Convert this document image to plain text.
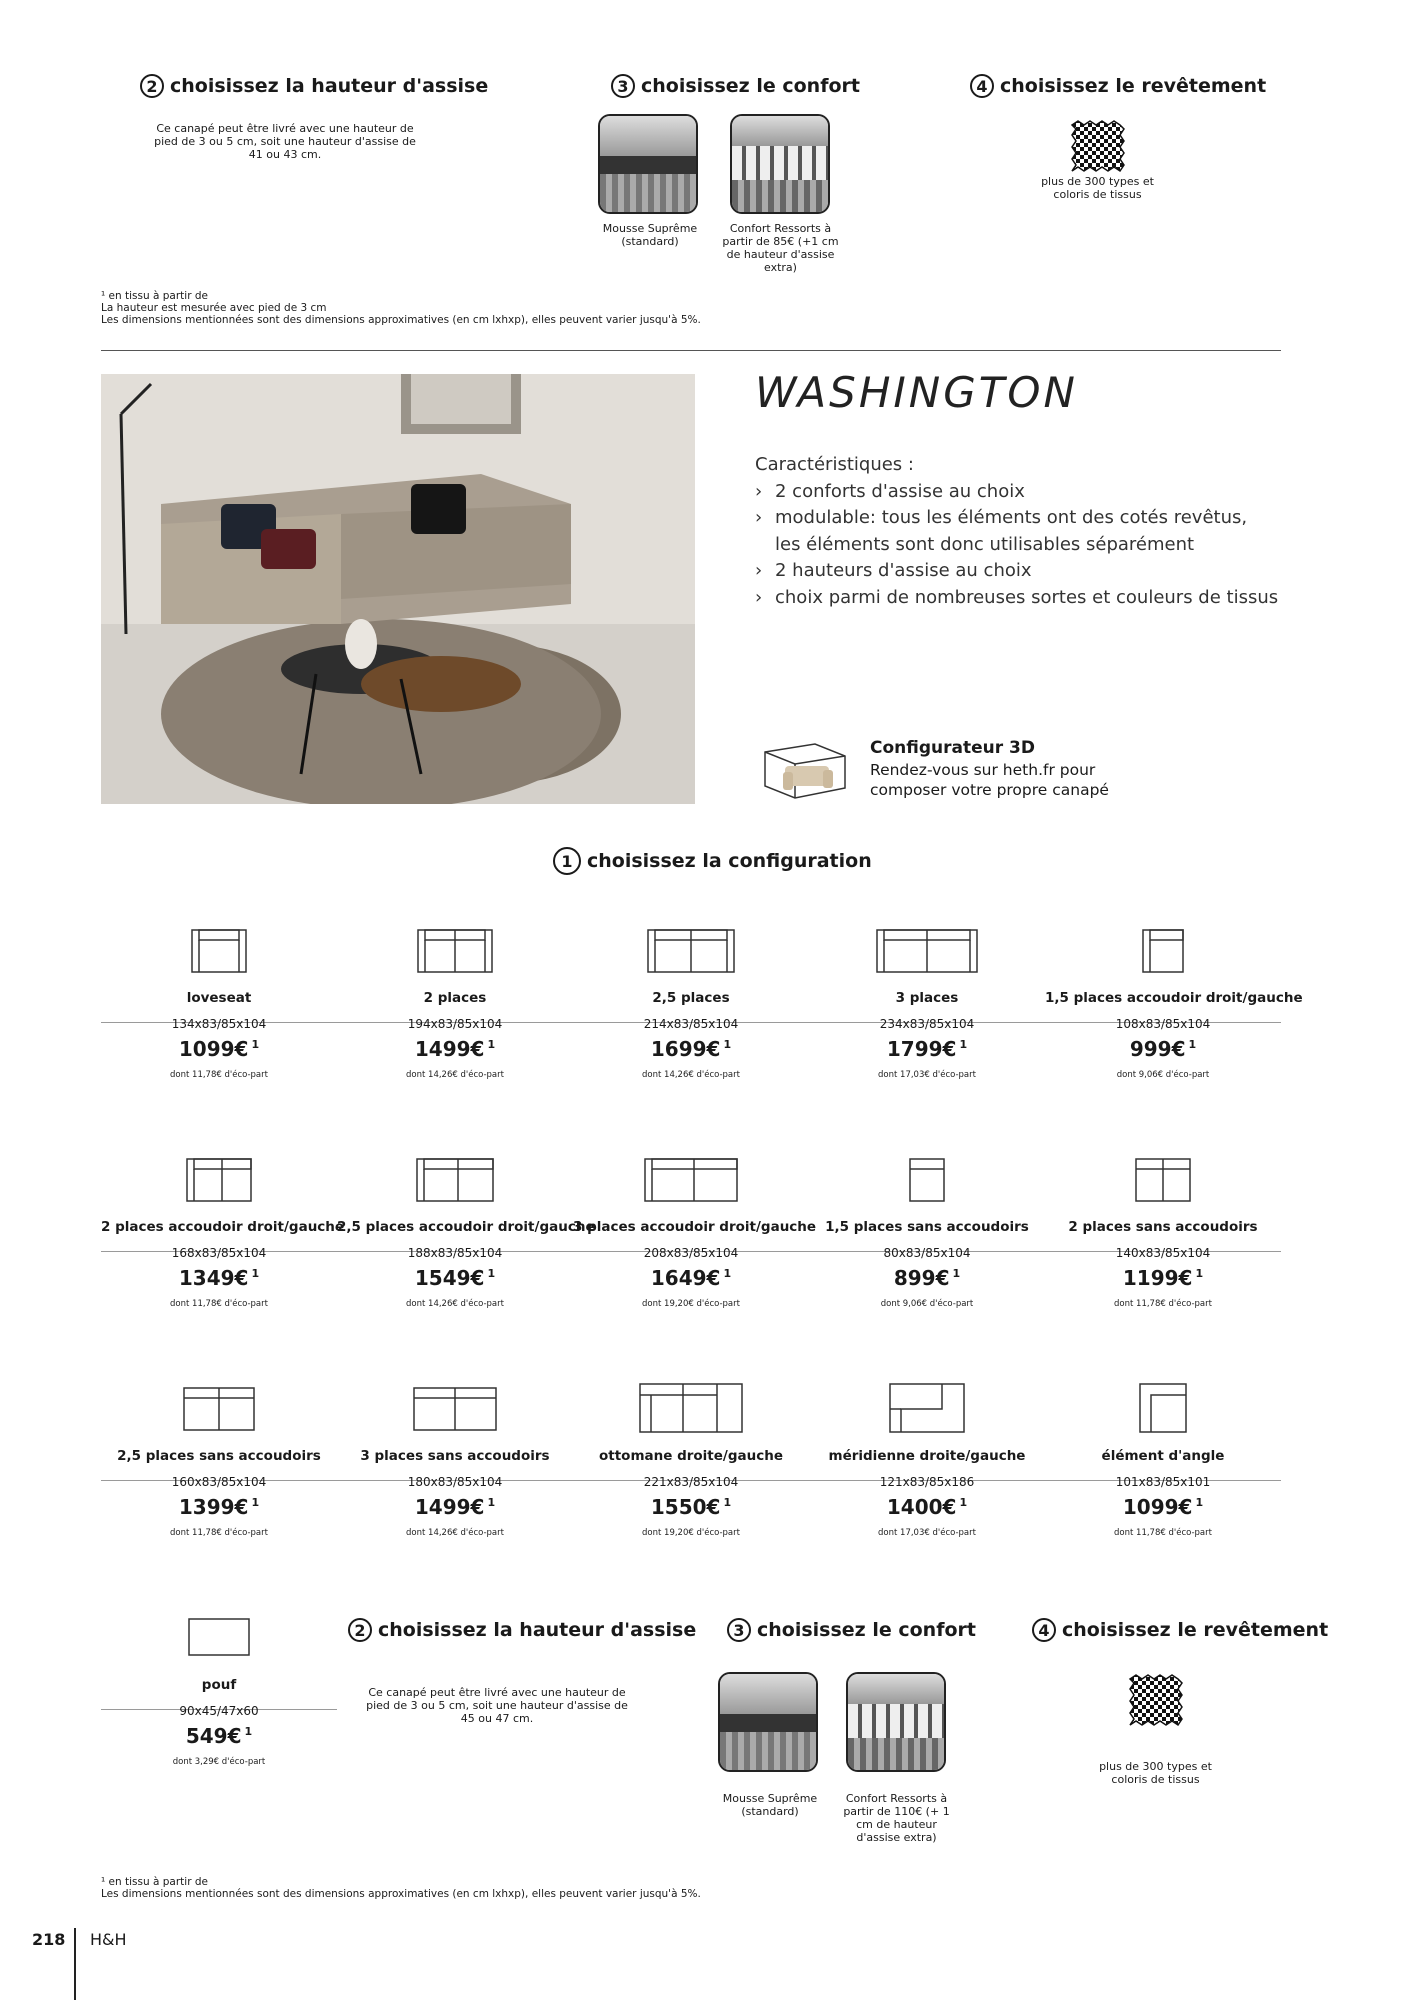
2 choisissez la hauteur d'assise
Ce canapé peut être livré avec une hauteur de pied de 3 ou 5 cm, soit une hauteur d'assise de 41 ou 43 cm.
3 choisissez le confort
Mousse Suprême (standard)
Confort Ressorts à partir de 85€ (+1 cm de hauteur d'assise extra)
4 choisissez le revêtement
plus de 300 types et coloris de tissus
¹ en tissu à partir de
La hauteur est mesurée avec pied de 3 cm
Les dimensions mentionnées sont des dimensions approximatives (en cm lxhxp), elles peuvent varier jusqu'à 5%.
WASHINGTON
Caractéristiques :
› 2 conforts d'assise au choix
› modulable: tous les éléments ont des cotés revêtus,
les éléments sont donc utilisables séparément
› 2 hauteurs d'assise au choix
› choix parmi de nombreuses sortes et couleurs de tissus
Configurateur 3D
Rendez-vous sur heth.fr pour
composer votre propre canapé
1 choisissez la configuration
loveseat
134x83/85x104
1099€ $^1$
dont 11,78€ d'éco-part
2 places
194x83/85x104
1499€ $^1$
dont 14,26€ d'éco-part
2,5 places
214x83/85x104
1699€ $^1$
dont 14,26€ d'éco-part
3 places
234x83/85x104
1799€ $^1$
dont 17,03€ d'éco-part
1,5 places accoudoir droit/gauche
108x83/85x104
999€ $^1$
dont 9,06€ d'éco-part
2 places accoudoir droit/gauche
168x83/85x104
1349€ $^1$
dont 11,78€ d'éco-part
2,5 places accoudoir droit/gauche
188x83/85x104
1549€ $^1$
dont 14,26€ d'éco-part
3 places accoudoir droit/gauche
208x83/85x104
1649€ $^1$
dont 19,20€ d'éco-part
1,5 places sans accoudoirs
80x83/85x104
899€ $^1$
dont 9,06€ d'éco-part
2 places sans accoudoirs
140x83/85x104
1199€ $^1$
dont 11,78€ d'éco-part
2,5 places sans accoudoirs
160x83/85x104
1399€ $^1$
dont 11,78€ d'éco-part
3 places sans accoudoirs
180x83/85x104
1499€ $^1$
dont 14,26€ d'éco-part
ottomane droite/gauche
221x83/85x104
1550€ $^1$
dont 19,20€ d'éco-part
méridienne droite/gauche
121x83/85x186
1400€ $^1$
dont 17,03€ d'éco-part
élément d'angle
101x83/85x101
1099€ $^1$
dont 11,78€ d'éco-part
pouf
90x45/47x60
549€ $^1$
dont 3,29€ d'éco-part
2 choisissez la hauteur d'assise
Ce canapé peut être livré avec une hauteur de pied de 3 ou 5 cm, soit une hauteur d'assise de 45 ou 47 cm.
3 choisissez le confort
Mousse Suprême (standard)
Confort Ressorts à partir de 110€ (+ 1 cm de hauteur d'assise extra)
4 choisissez le revêtement
plus de 300 types et coloris de tissus
¹ en tissu à partir de
Les dimensions mentionnées sont des dimensions approximatives (en cm lxhxp), elles peuvent varier jusqu'à 5%.
218 H&H
